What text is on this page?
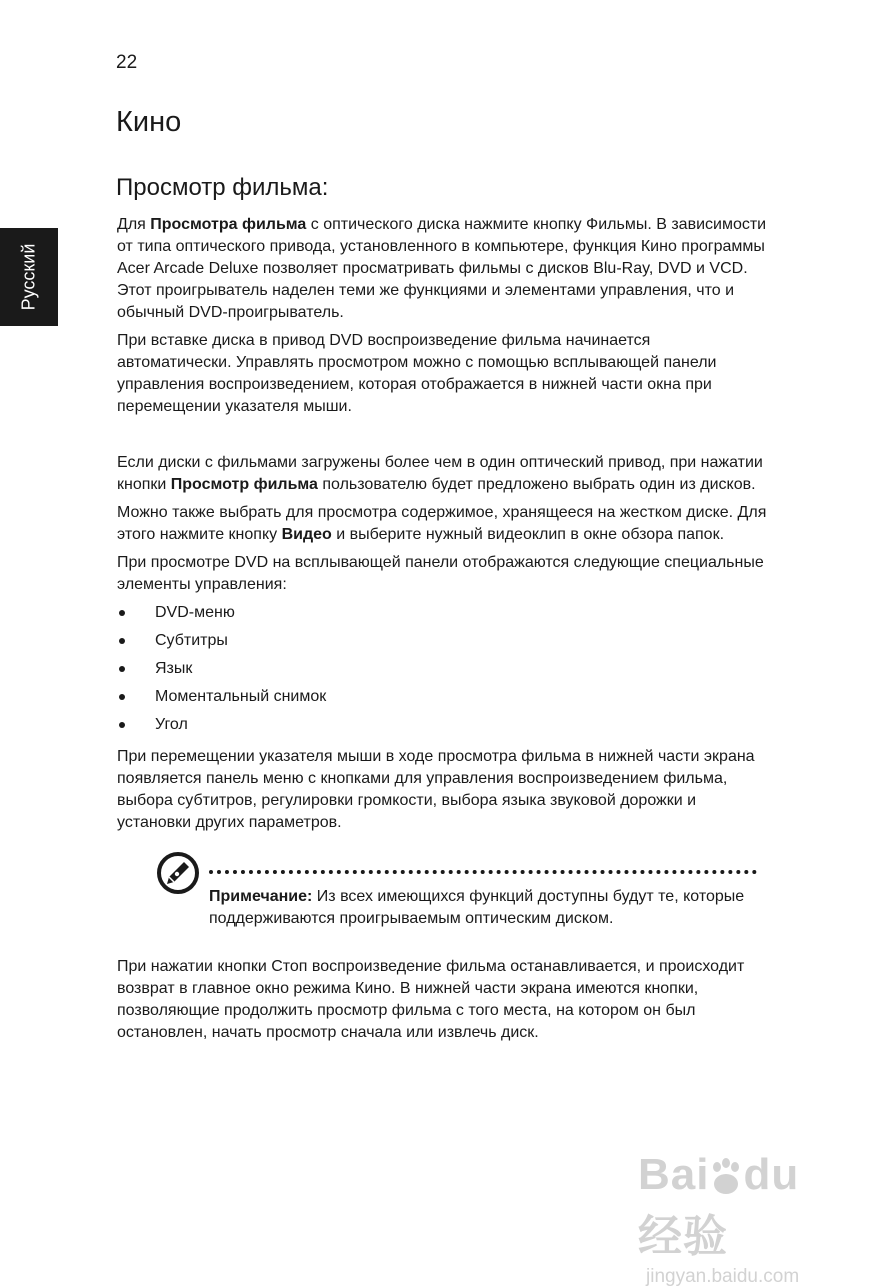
22
Русский
Кино
Просмотр фильма:

Для Просмотра фильма с оптического диска нажмите кнопку Фильмы. В зависимости от типа оптического привода, установленного в компьютере, функция Кино программы Acer Arcade Deluxe позволяет просматривать фильмы с дисков Blu-Ray, DVD и VCD. Этот проигрыватель наделен теми же функциями и элементами управления, что и обычный DVD-проигрыватель.

При вставке диска в привод DVD воспроизведение фильма начинается автоматически. Управлять просмотром можно с помощью всплывающей панели управления воспроизведением, которая отображается в нижней части окна при перемещении указателя мыши.

Если диски с фильмами загружены более чем в один оптический привод, при нажатии кнопки Просмотр фильма пользователю будет предложено выбрать один из дисков.

Можно также выбрать для просмотра содержимое, хранящееся на жестком диске. Для этого нажмите кнопку Видео и выберите нужный видеоклип в окне обзора папок.

При просмотре DVD на всплывающей панели отображаются следующие специальные элементы управления:

DVD-меню
Субтитры
Язык
Моментальный снимок
Угол

При перемещении указателя мыши в ходе просмотра фильма в нижней части экрана появляется панель меню с кнопками для управления воспроизведением фильма, выбора субтитров, регулировки громкости, выбора языка звуковой дорожки и установки других параметров.

Примечание: Из всех имеющихся функций доступны будут те, которые поддерживаются проигрываемым оптическим диском.

При нажатии кнопки Стоп воспроизведение фильма останавливается, и происходит возврат в главное окно режима Кино. В нижней части экрана имеются кнопки, позволяющие продолжить просмотр фильма с того места, на котором он был остановлен, начать просмотр сначала или извлечь диск.

Bai du 经验
jingyan.baidu.com
